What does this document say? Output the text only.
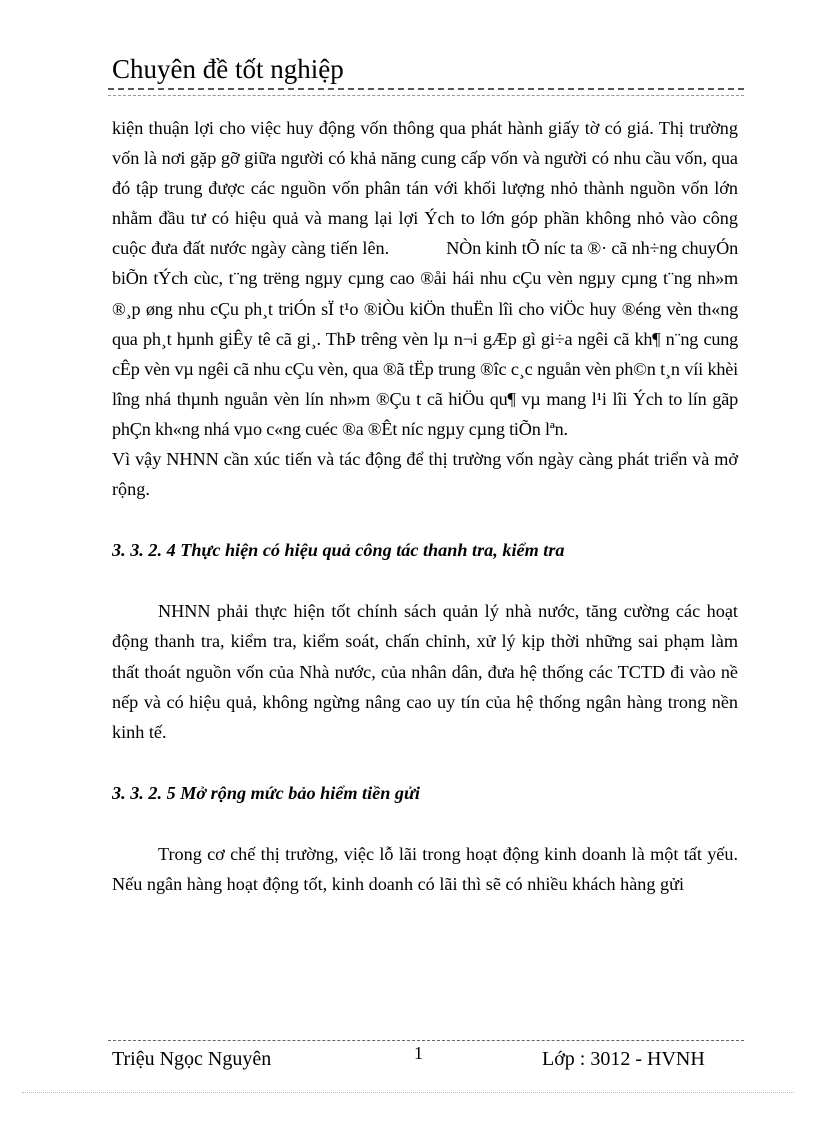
Chuyên đề tốt nghiệp

kiện thuận lợi cho việc huy động vốn thông qua phát hành giấy tờ có giá. Thị trường vốn là nơi gặp gỡ giữa người có khả năng cung cấp vốn và người có nhu cầu vốn, qua đó tập trung được các nguồn vốn phân tán với khối lượng nhỏ thành nguồn vốn lớn nhằm đầu tư có hiệu quả và mang lại lợi Ých to lớn góp phần không nhỏ vào công cuộc đưa đất nước ngày càng tiến lên.	NÒn kinh tÕ níc ta ®· cã nh÷ng chuyÓn biÕn tÝch cùc, t¨ng trëng ngµy cµng cao ®åi hái nhu cÇu vèn ngµy cµng t¨ng nh»m ®¸p øng nhu cÇu ph¸t triÓn sÏ t¹o ®iÒu kiÖn thuËn lîi cho viÖc huy ®éng vèn th«ng qua ph¸t hµnh giÊy tê cã gi¸. ThÞ trêng vèn lµ n¬i gÆp gì gi÷a ngêi cã kh¶ n¨ng cung cÊp vèn vµ ngêi cã nhu cÇu vèn, qua ®ã tËp trung ®îc c¸c nguån vèn ph©n t¸n víi khèi lîng nhá thµnh nguån vèn lín nh»m ®Çu t cã hiÖu qu¶ vµ mang l¹i lîi Ých to lín gãp phÇn kh«ng nhá vµo c«ng cuéc ®a ®Êt níc ngµy cµng tiÕn lªn.

Vì vậy NHNN cần xúc tiến và tác động để thị trường vốn ngày càng phát triển và mở rộng.

3. 3. 2. 4 Thực hiện có hiệu quả công tác thanh tra, kiểm tra

NHNN phải thực hiện tốt chính sách quản lý nhà nước, tăng cường các hoạt động thanh tra, kiểm tra, kiểm soát, chấn chỉnh, xử lý kịp thời những sai phạm làm thất thoát nguồn vốn của Nhà nước, của nhân dân, đưa hệ thống các TCTD đi vào nề nếp và có hiệu quả, không ngừng nâng cao uy tín của hệ thống ngân hàng trong nền kinh tế.

3. 3. 2. 5 Mở rộng mức bảo hiểm tiền gửi

Trong cơ chế thị trường, việc lỗ lãi trong hoạt động kinh doanh là một tất yếu. Nếu ngân hàng hoạt động tốt, kinh doanh có lãi thì sẽ có nhiều khách hàng gửi

Triệu Ngọc Nguyên	1	Lớp : 3012 - HVNH
